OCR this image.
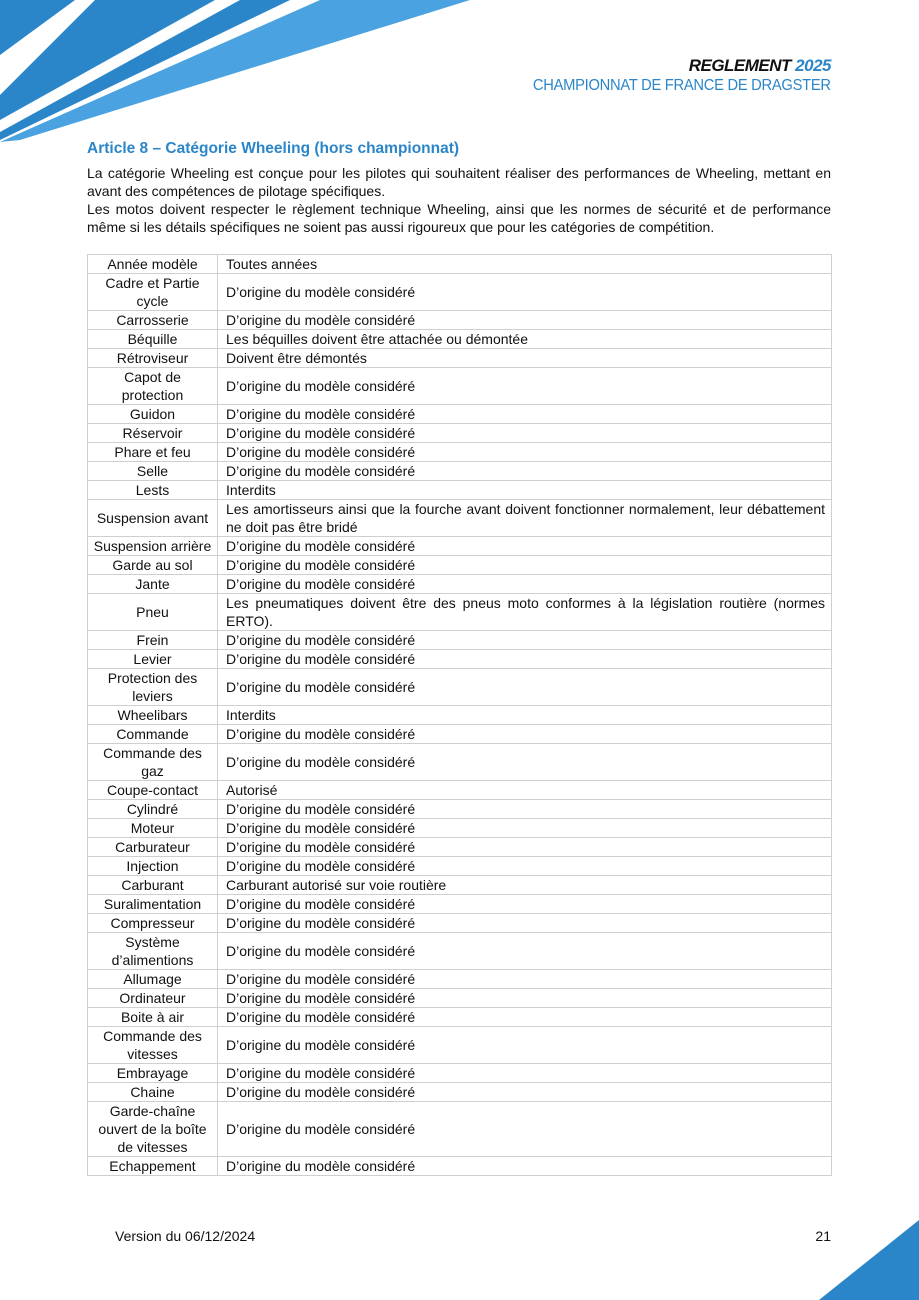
REGLEMENT 2025
CHAMPIONNAT DE FRANCE DE DRAGSTER
Article 8 – Catégorie Wheeling (hors championnat)

La catégorie Wheeling est conçue pour les pilotes qui souhaitent réaliser des performances de Wheeling, mettant en avant des compétences de pilotage spécifiques.

Les motos doivent respecter le règlement technique Wheeling, ainsi que les normes de sécurité et de performance même si les détails spécifiques ne soient pas aussi rigoureux que pour les catégories de compétition.

Année modèle	Toutes années
Cadre et Partie cycle	D’origine du modèle considéré
Carrosserie	D’origine du modèle considéré
Béquille	Les béquilles doivent être attachée ou démontée
Rétroviseur	Doivent être démontés
Capot de protection	D’origine du modèle considéré
Guidon	D’origine du modèle considéré
Réservoir	D’origine du modèle considéré
Phare et feu	D’origine du modèle considéré
Selle	D’origine du modèle considéré
Lests	Interdits
Suspension avant	Les amortisseurs ainsi que la fourche avant doivent fonctionner normalement, leur débattement ne doit pas être bridé
Suspension arrière	D’origine du modèle considéré
Garde au sol	D’origine du modèle considéré
Jante	D’origine du modèle considéré
Pneu	Les pneumatiques doivent être des pneus moto conformes à la législation routière (normes ERTO).
Frein	D’origine du modèle considéré
Levier	D’origine du modèle considéré
Protection des leviers	D’origine du modèle considéré
Wheelibars	Interdits
Commande	D’origine du modèle considéré
Commande des gaz	D’origine du modèle considéré
Coupe-contact	Autorisé
Cylindré	D’origine du modèle considéré
Moteur	D’origine du modèle considéré
Carburateur	D’origine du modèle considéré
Injection	D’origine du modèle considéré
Carburant	Carburant autorisé sur voie routière
Suralimentation	D’origine du modèle considéré
Compresseur	D’origine du modèle considéré
Système d’alimentions	D’origine du modèle considéré
Allumage	D’origine du modèle considéré
Ordinateur	D’origine du modèle considéré
Boite à air	D’origine du modèle considéré
Commande des vitesses	D’origine du modèle considéré
Embrayage	D’origine du modèle considéré
Chaine	D’origine du modèle considéré
Garde-chaîne ouvert de la boîte de vitesses	D’origine du modèle considéré
Echappement	D’origine du modèle considéré
Version du 06/12/2024	21
